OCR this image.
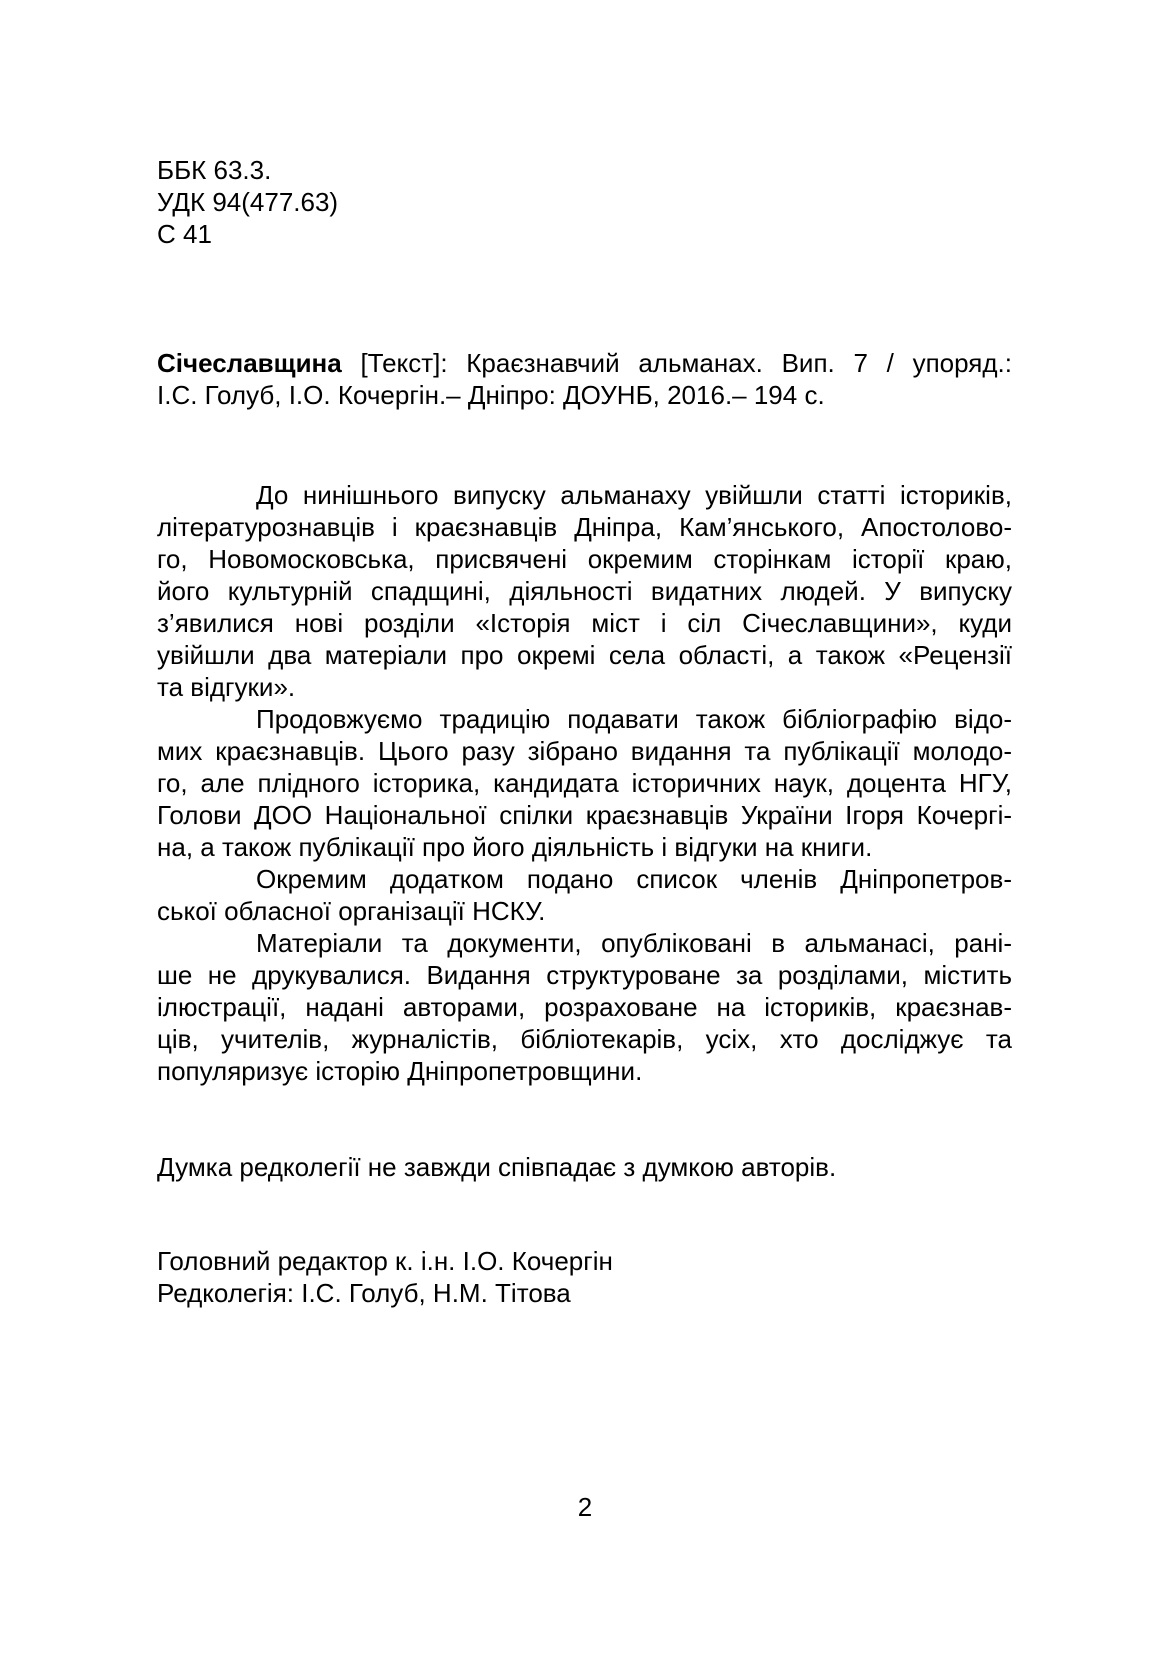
ББК 63.3.
УДК 94(477.63)
С 41
Січеславщина [Текст]: Краєзнавчий альманах. Вип. 7 / упоряд.:
І.С. Голуб, І.О. Кочергін.– Дніпро: ДОУНБ, 2016.– 194 с.
До нинішнього випуску альманаху увійшли статті істориків,
літературознавців і краєзнавців Дніпра, Кам’янського, Апостолово-
го, Новомосковська, присвячені окремим сторінкам історії краю,
його культурній спадщині, діяльності видатних людей. У випуску
з’явилися нові розділи «Історія міст і сіл Січеславщини», куди
увійшли два матеріали про окремі села області, а також «Рецензії
та відгуки».
Продовжуємо традицію подавати також бібліографію відо-
мих краєзнавців. Цього разу зібрано видання та публікації молодо-
го, але плідного історика, кандидата історичних наук, доцента НГУ,
Голови ДОО Національної спілки краєзнавців України Ігоря Кочергі-
на, а також публікації про його діяльність і відгуки на книги.
Окремим додатком подано список членів Дніпропетров-
ської обласної організації НСКУ.
Матеріали та документи, опубліковані в альманасі, рані-
ше не друкувалися. Видання структуроване за розділами, містить
ілюстрації, надані авторами, розраховане на істориків, краєзнав-
ців, учителів, журналістів, бібліотекарів, усіх, хто досліджує та
популяризує історію Дніпропетровщини.
Думка редколегії не завжди співпадає з думкою авторів.
Головний редактор к. і.н. І.О. Кочергін
Редколегія: І.С. Голуб, Н.М. Тітова
2
